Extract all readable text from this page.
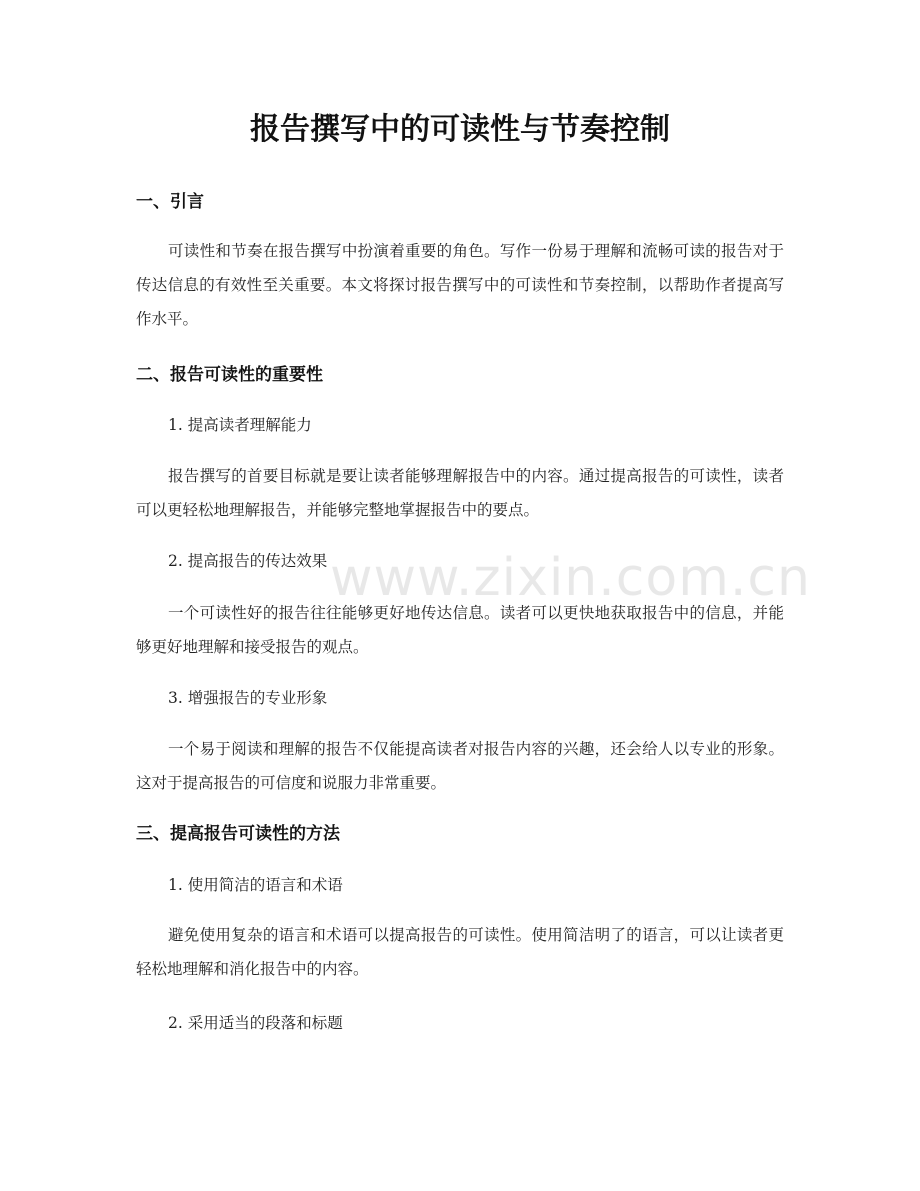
报告撰写中的可读性与节奏控制
一、引言
可读性和节奏在报告撰写中扮演着重要的角色。写作一份易于理解和流畅可读的报告对于传达信息的有效性至关重要。本文将探讨报告撰写中的可读性和节奏控制，以帮助作者提高写作水平。
二、报告可读性的重要性
1. 提高读者理解能力
报告撰写的首要目标就是要让读者能够理解报告中的内容。通过提高报告的可读性，读者可以更轻松地理解报告，并能够完整地掌握报告中的要点。
2. 提高报告的传达效果
一个可读性好的报告往往能够更好地传达信息。读者可以更快地获取报告中的信息，并能够更好地理解和接受报告的观点。
3. 增强报告的专业形象
一个易于阅读和理解的报告不仅能提高读者对报告内容的兴趣，还会给人以专业的形象。这对于提高报告的可信度和说服力非常重要。
三、提高报告可读性的方法
1. 使用简洁的语言和术语
避免使用复杂的语言和术语可以提高报告的可读性。使用简洁明了的语言，可以让读者更轻松地理解和消化报告中的内容。
2. 采用适当的段落和标题
www.zixin.com.cn
